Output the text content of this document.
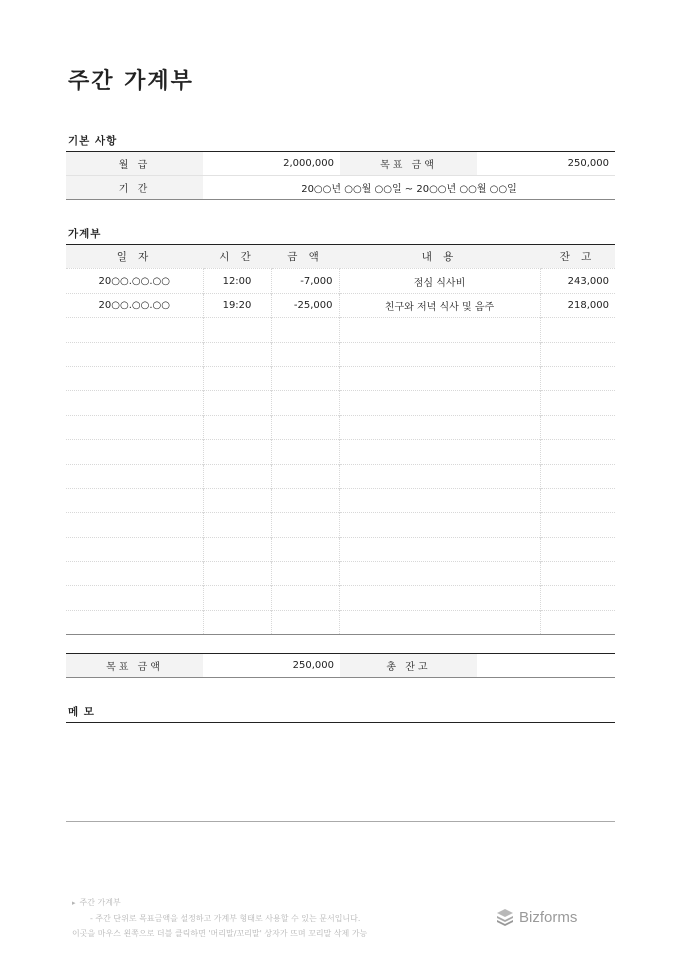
주간 가계부
기본 사항
월 급	2,000,000	목표 금액	250,000
기 간	20○○년 ○○월 ○○일 ~ 20○○년 ○○월 ○○일		
가계부
일 자	시 간	금 액	내 용	잔 고
20○○.○○.○○	12:00	-7,000	점심 식사비	243,000
20○○.○○.○○	19:20	-25,000	친구와 저녁 식사 및 음주	218,000

목표 금액	250,000	총 잔고	
메 모
▸ 주간 가계부
- 주간 단위로 목표금액을 설정하고 가계부 형태로 사용할 수 있는 문서입니다.
이곳을 마우스 왼쪽으로 더블 클릭하면 '머리말/꼬리말' 상자가 뜨며 꼬리말 삭제 가능
Bizforms
